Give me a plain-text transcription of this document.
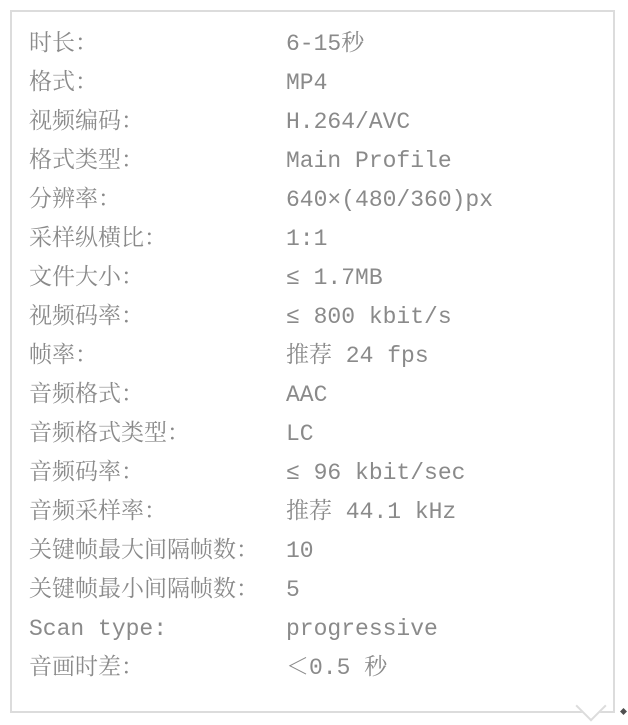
时长：	6-15秒
格式：	MP4
视频编码：	H.264/AVC
格式类型：	Main Profile
分辨率：	640×(480/360)px
采样纵横比：	1:1
文件大小：	≤ 1.7MB
视频码率：	≤ 800 kbit/s
帧率：	推荐 24 fps
音频格式：	AAC
音频格式类型：	LC
音频码率：	≤ 96 kbit/sec
音频采样率：	推荐 44.1 kHz
关键帧最大间隔帧数： 10
关键帧最小间隔帧数： 5
Scan type:	progressive
音画时差：	＜0.5 秒
